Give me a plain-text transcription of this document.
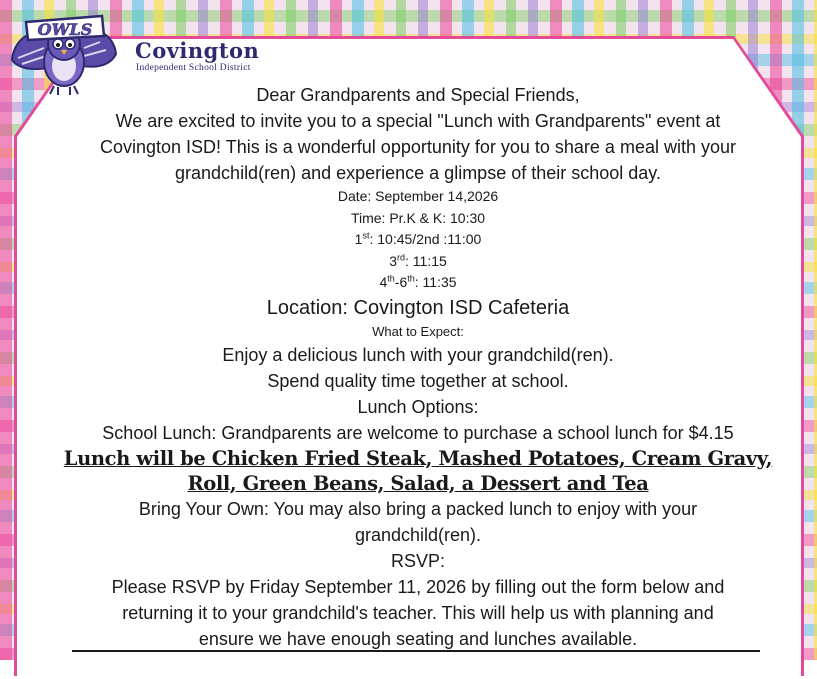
OWLS
Covington
Independent School District
Dear Grandparents and Special Friends,
We are excited to invite you to a special "Lunch with Grandparents" event at
Covington ISD! This is a wonderful opportunity for you to share a meal with your
grandchild(ren) and experience a glimpse of their school day.
Date: September 14,2026
Time: Pr.K & K: 10:30
1st: 10:45/2nd :11:00
3rd: 11:15
4th-6th: 11:35
Location: Covington ISD Cafeteria
What to Expect:
Enjoy a delicious lunch with your grandchild(ren).
Spend quality time together at school.
Lunch Options:
School Lunch: Grandparents are welcome to purchase a school lunch for $4.15
Lunch will be Chicken Fried Steak, Mashed Potatoes, Cream Gravy,
Roll, Green Beans, Salad, a Dessert and Tea
Bring Your Own: You may also bring a packed lunch to enjoy with your
grandchild(ren).
RSVP:
Please RSVP by Friday September 11, 2026 by filling out the form below and
returning it to your grandchild's teacher. This will help us with planning and
ensure we have enough seating and lunches available.
